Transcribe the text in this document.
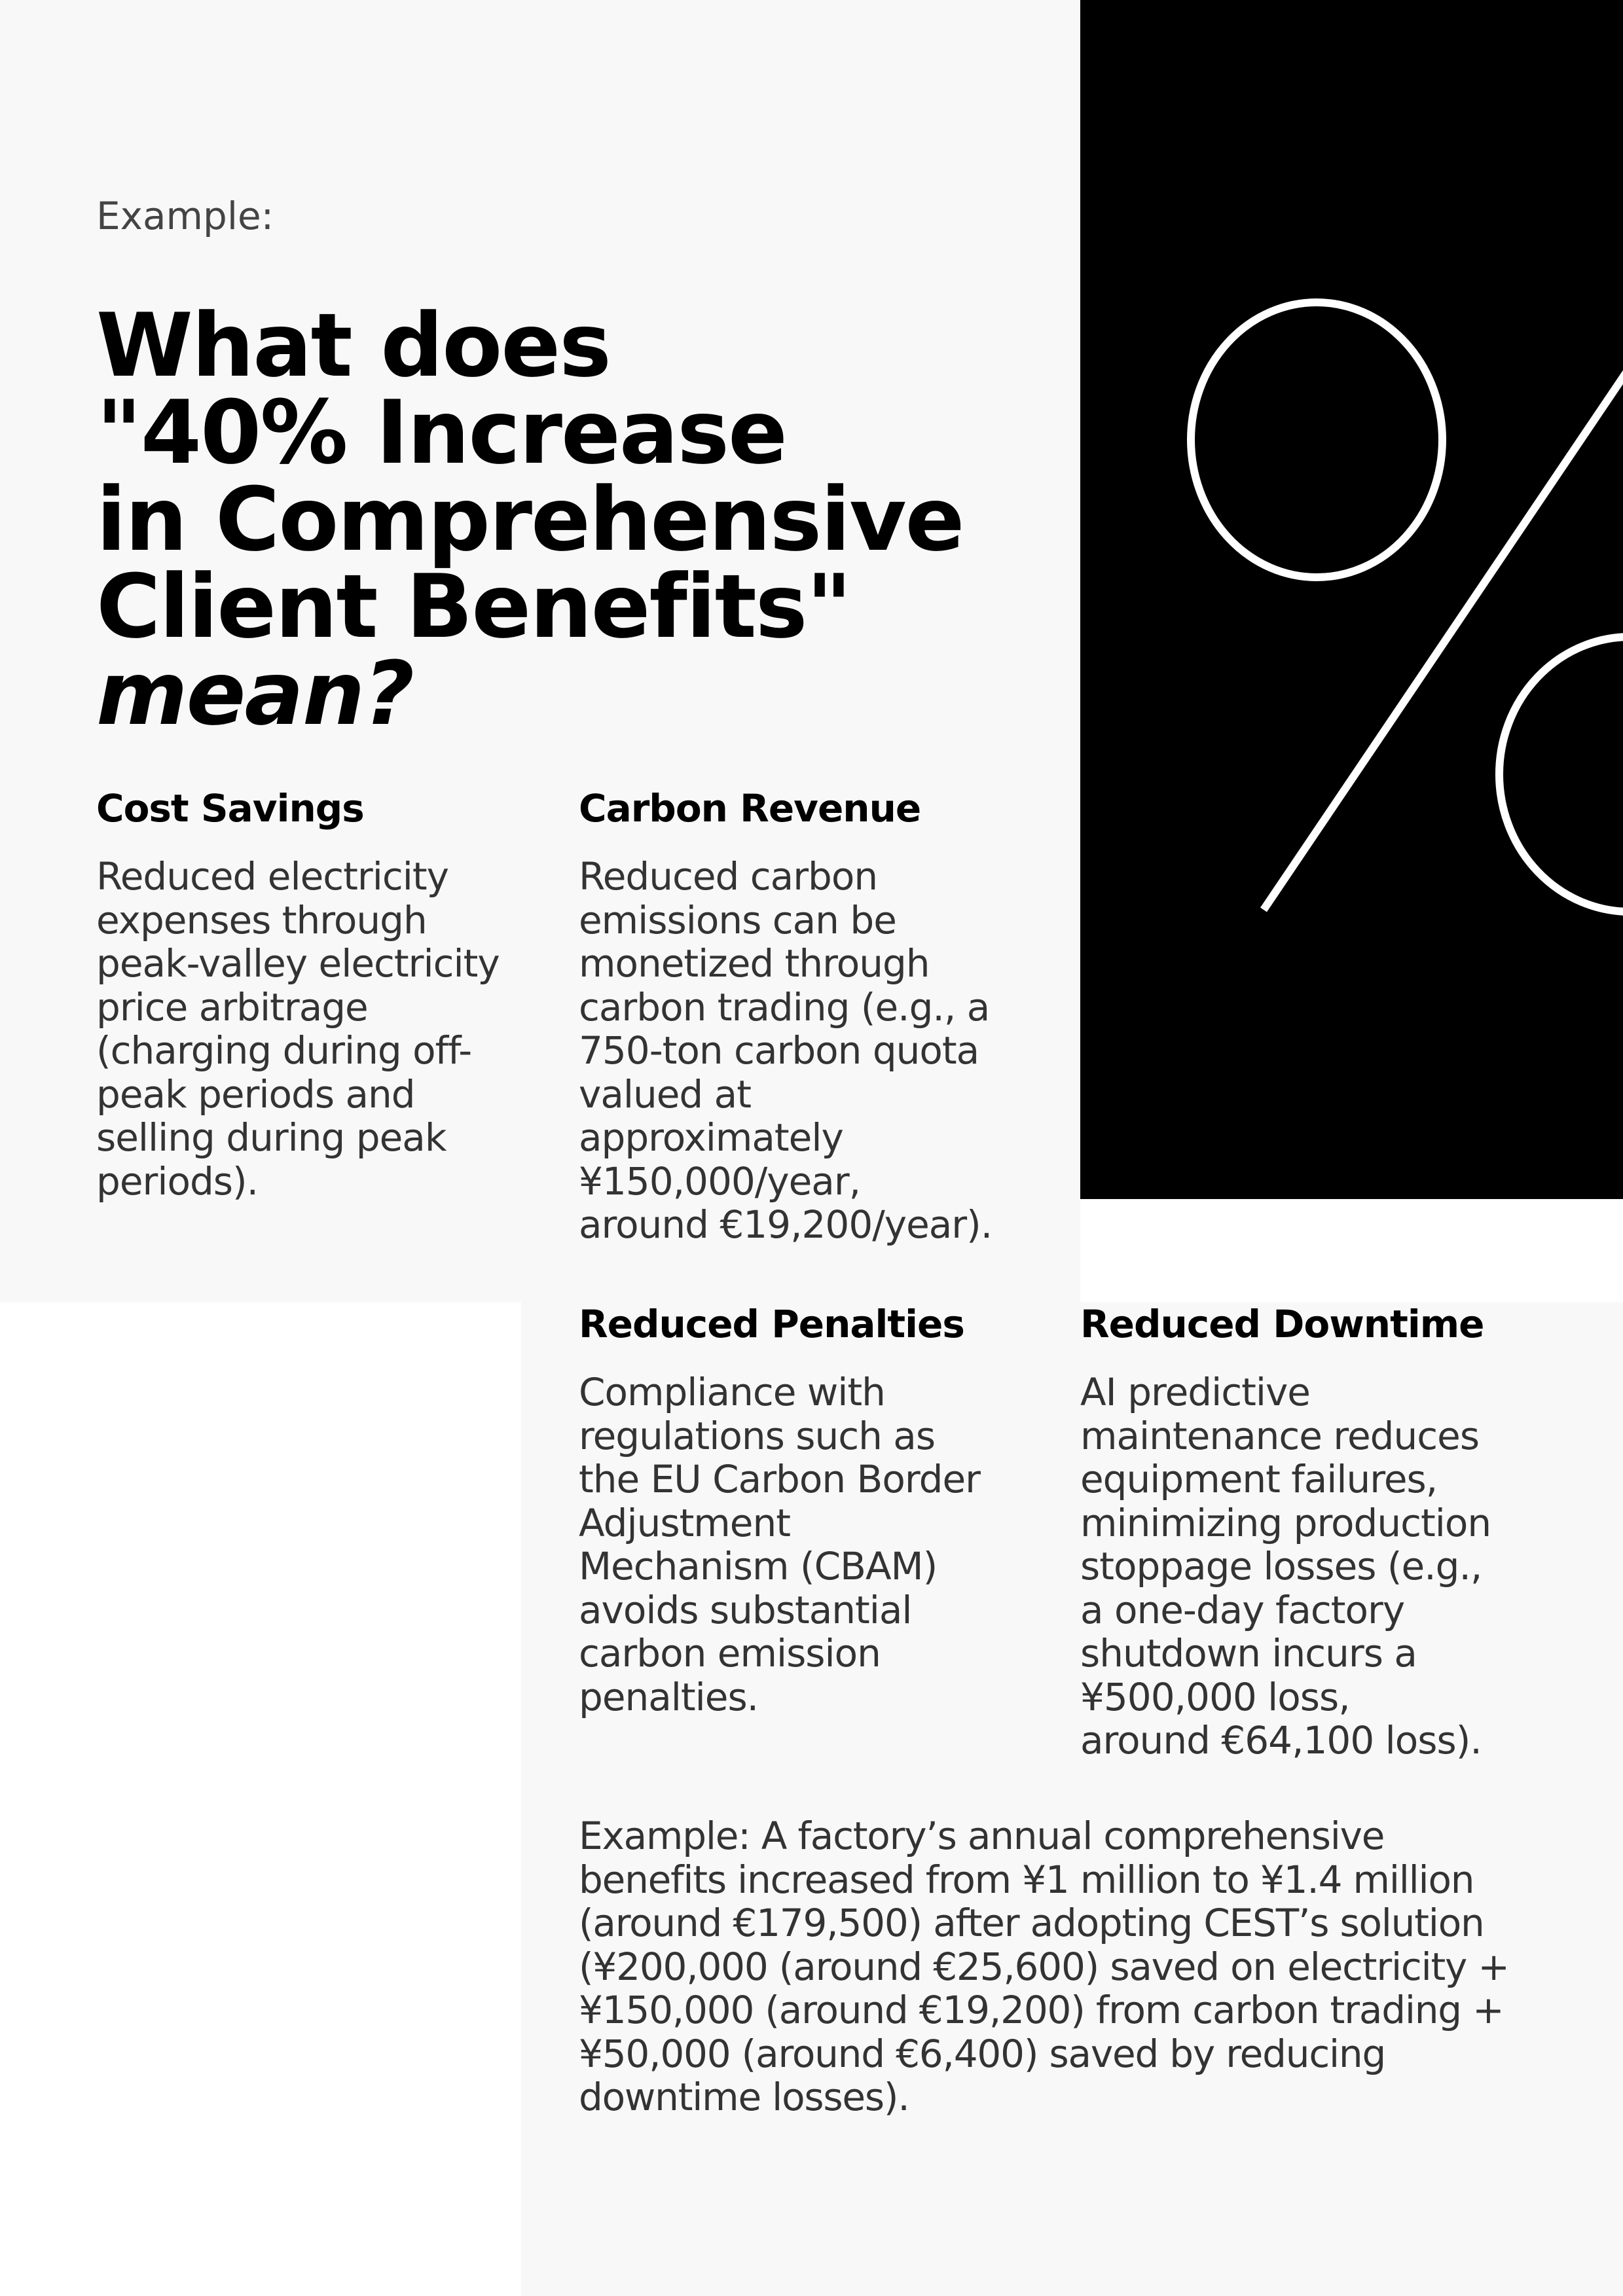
Example:
What does
"40% Increase
in Comprehensive
Client Benefits"
mean?
Cost Savings

Reduced electricity
expenses through
peak-valley electricity
price arbitrage
(charging during off-
peak periods and
selling during peak
periods).

Carbon Revenue

Reduced carbon
emissions can be
monetized through
carbon trading (e.g., a
750-ton carbon quota
valued at
approximately
¥150,000/year,
around €19,200/year).

Reduced Penalties

Compliance with
regulations such as
the EU Carbon Border
Adjustment
Mechanism (CBAM)
avoids substantial
carbon emission
penalties.

Reduced Downtime

AI predictive
maintenance reduces
equipment failures,
minimizing production
stoppage losses (e.g.,
a one-day factory
shutdown incurs a
¥500,000 loss,
around €64,100 loss).

Example: A factory’s annual comprehensive
benefits increased from ¥1 million to ¥1.4 million
(around €179,500) after adopting CEST’s solution
(¥200,000 (around €25,600) saved on electricity +
¥150,000 (around €19,200) from carbon trading +
¥50,000 (around €6,400) saved by reducing
downtime losses).
